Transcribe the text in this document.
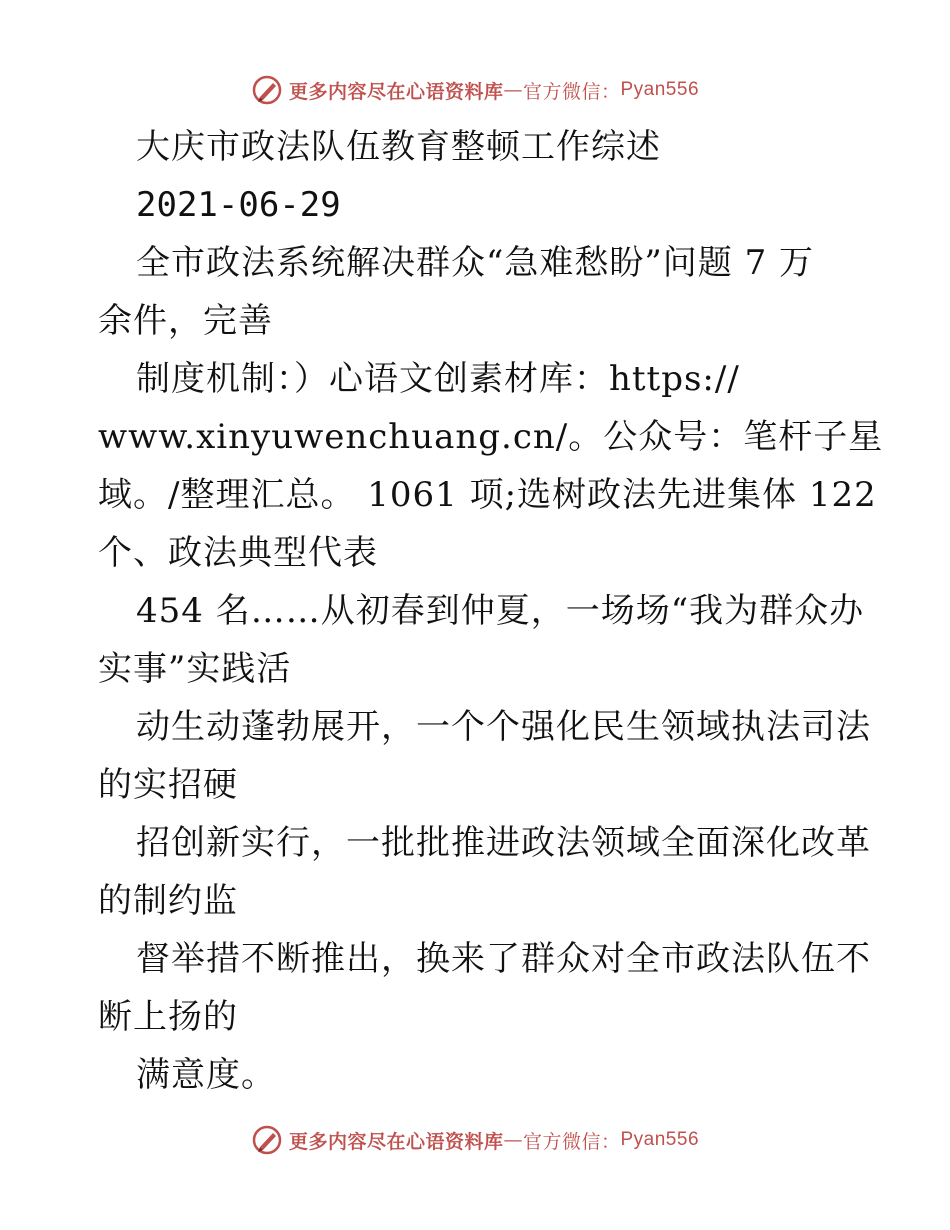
更多内容尽在心语资料库 — 官方微信： Pyan556
大庆市政法队伍教育整顿工作综述
2021-06-29
全市政法系统解决群众“急难愁盼”问题 7 万
余件，完善
制度机制：）心语文创素材库：https://
www.xinyuwenchuang.cn/。公众号：笔杆子星
域。/整理汇总。 1061 项;选树政法先进集体 122
个、政法典型代表
454 名……从初春到仲夏，一场场“我为群众办
实事”实践活
动生动蓬勃展开，一个个强化民生领域执法司法
的实招硬
招创新实行，一批批推进政法领域全面深化改革
的制约监
督举措不断推出，换来了群众对全市政法队伍不
断上扬的
满意度。
更多内容尽在心语资料库 — 官方微信： Pyan556
